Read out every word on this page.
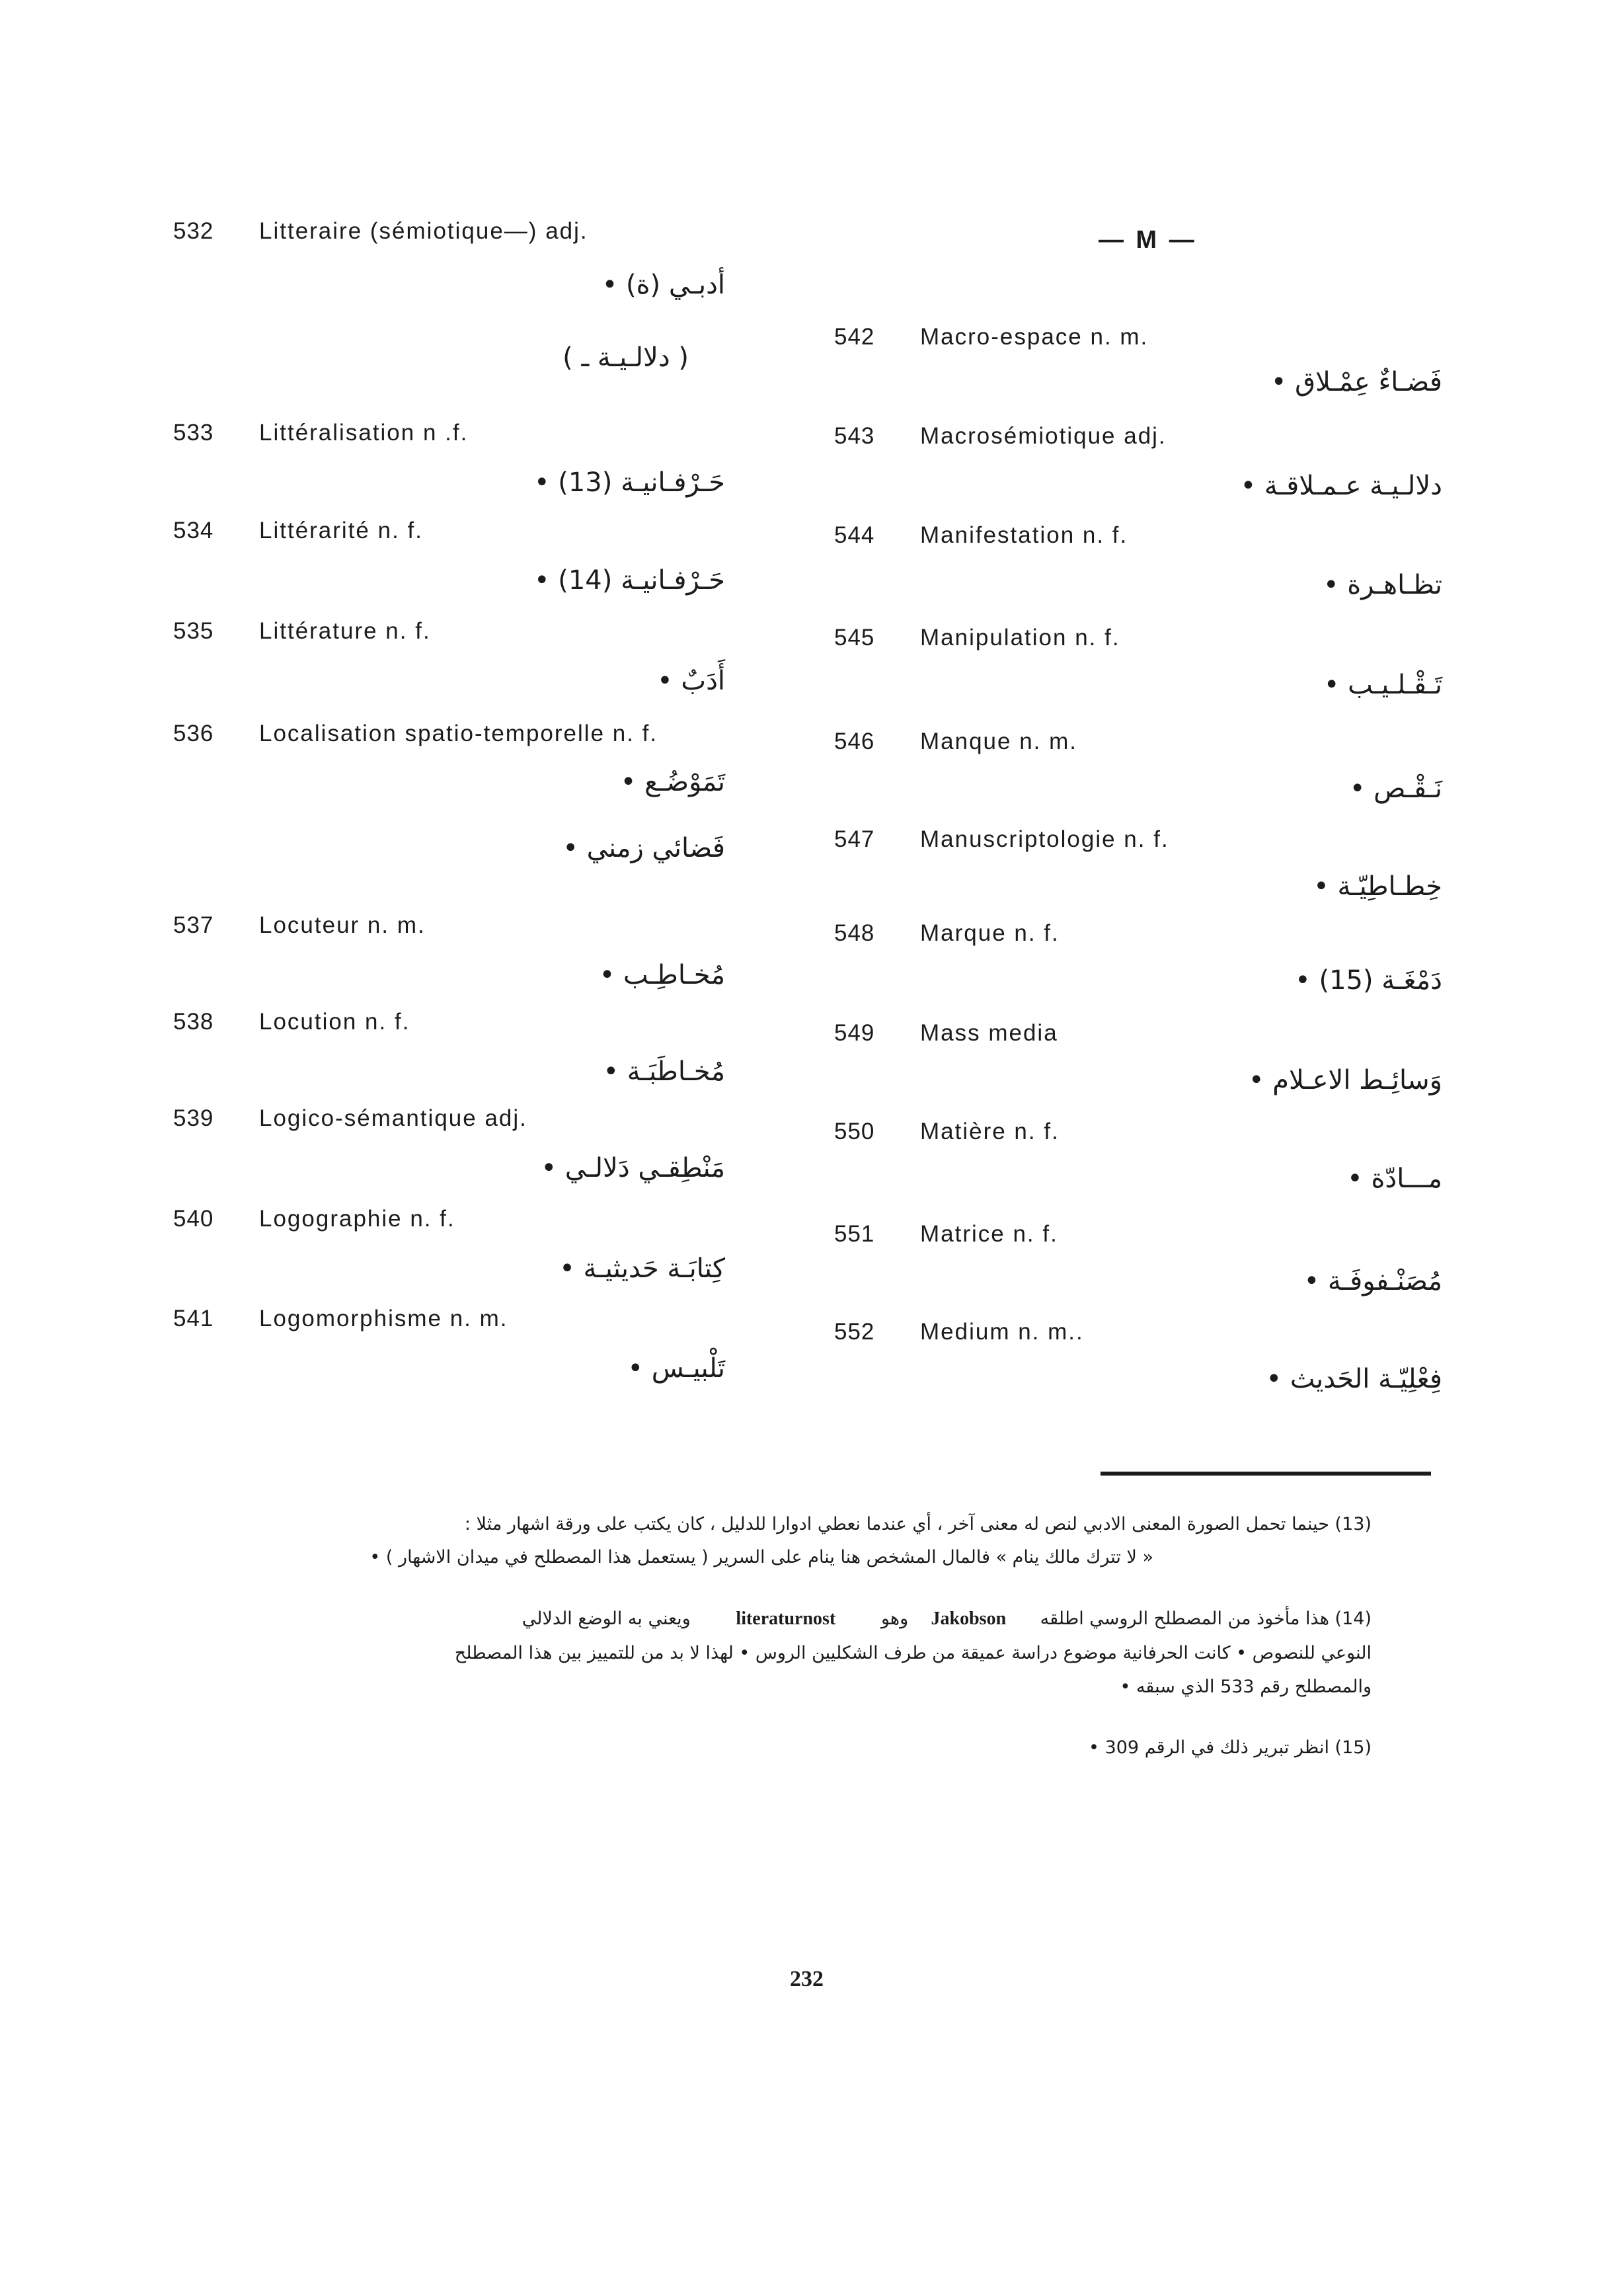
532 Litteraire (sémiotique—) adj.
أدبـي (ة) •
( دلالـيـة ـ )
533 Littéralisation n .f.
حَـرْفـانيـة (13) •
534 Littérarité n. f.
حَـرْفـانيـة (14) •
535 Littérature n. f.
أَدَبٌ •
536 Localisation spatio-temporelle n. f.
تَمَوْضُـع •
فَضائي زمني •
537 Locuteur n. m.
مُخـاطِـب •
538 Locution n. f.
مُخـاطَبَـة •
539 Logico-sémantique adj.
مَنْطِقـي دَلالـي •
540 Logographie n. f.
كِتابَـة حَديثيـة •
541 Logomorphisme n. m.
تَلْبيـس •
— M —
542 Macro-espace n. m.
فَضـاءٌ عِمْـلاق •
543 Macrosémiotique adj.
دلالـيـة عـمـلاقـة •
544 Manifestation n. f.
تظـاهـرة •
545 Manipulation n. f.
تَـقْـلـيـب •
546 Manque n. m.
نَـقْـص •
547 Manuscriptologie n. f.
خِطـاطِيّـة •
548 Marque n. f.
دَمْغَـة (15) •
549 Mass media
وَسائِـط الاعـلام •
550 Matière n. f.
مـــادّة •
551 Matrice n. f.
مُصَنْـفوفَـة •
552 Medium n. m..
فِعْلِيّـة الحَديث •
(13) حينما تحمل الصورة المعنى الادبي لنص له معنى آخر ، أي عندما نعطي ادوارا للدليل ، كان يكتب على ورقة اشهار مثلا :
« لا تترك مالك ينام » فالمال المشخص هنا ينام على السرير ( يستعمل هذا المصطلح في ميدان الاشهار ) •
(14) هذا مأخوذ من المصطلح الروسي اطلقه      Jakobson    وهو        literaturnost        ويعني به الوضع الدلالي
النوعي للنصوص • كانت الحرفانية موضوع دراسة عميقة من طرف الشكليين الروس • لهذا لا بد من للتمييز بين هذا المصطلح
والمصطلح رقم 533 الذي سبقه •
(15) انظر تبرير ذلك في الرقم 309 •
232
